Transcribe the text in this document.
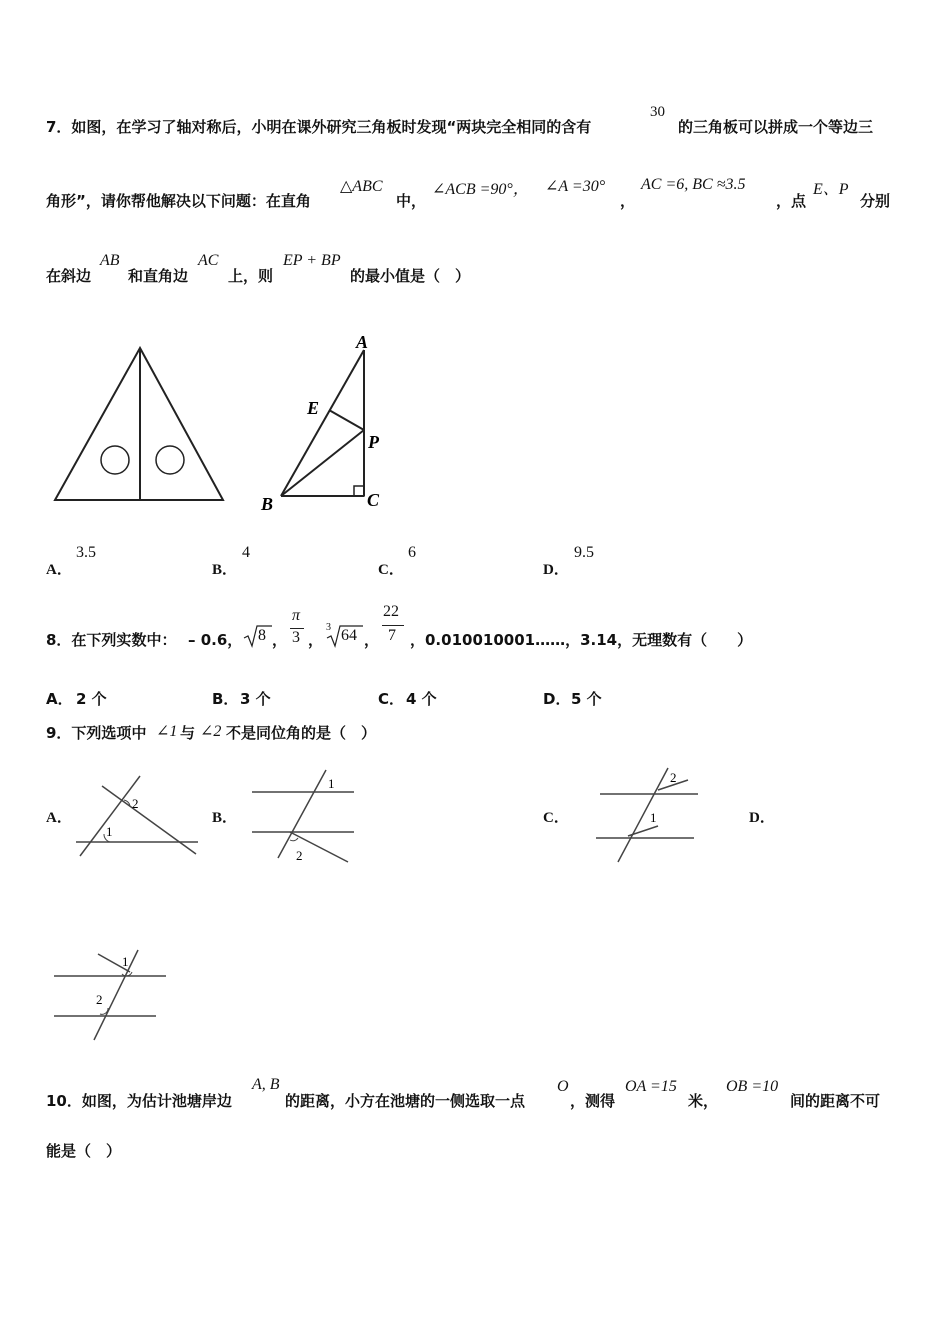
7．如图，在学习了轴对称后，小明在课外研究三角板时发现“两块完全相同的含有
30
的三角板可以拼成一个等边三
角形”，请你帮他解决以下问题：在直角
△ABC
中，
∠ACB =90°， ∠A =30°
，
AC =6, BC ≈3.5
，点
E、P
分别
在斜边
AB
和直角边
AC
上，则
EP + BP
的最小值是（　）
A
E
P
B	C
A．
3.5
B．
4
C．
6
D．
9.5
8．在下列实数中： – 0.6， 8 ，
π
3 ，
3 64 ，
22
7 ，0.010010001……，3.14，无理数有（　　）
A． 2 个	B． 3 个	C． 4 个	D． 5 个
9．下列选项中 ∠1 与 ∠2 不是同位角的是（　）
A．	B．	C．	D．
1
2
1
2
2
1
1
2
10．如图，为估计池塘岸边
A, B
的距离，小方在池塘的一侧选取一点
O
，测得
OA =15
米，
OB =10
间的距离不可
能是（　）
